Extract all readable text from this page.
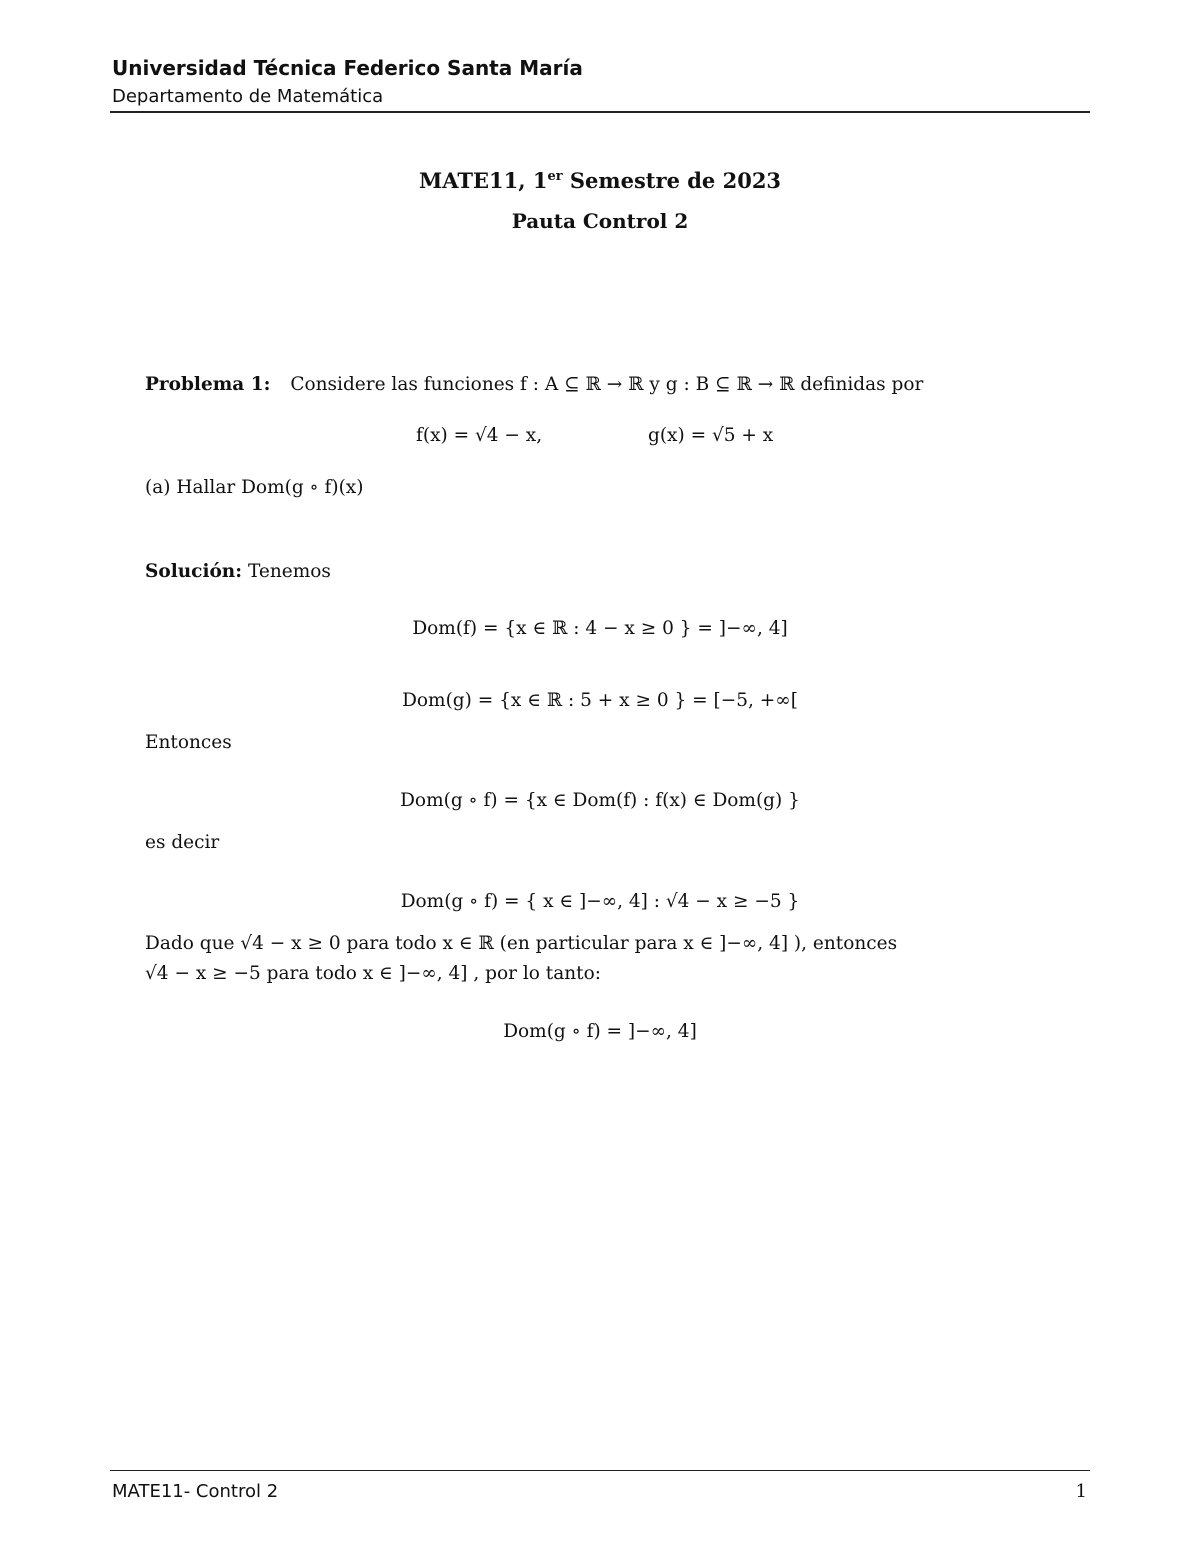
Universidad Técnica Federico Santa María
Departamento de Matemática
MATE11, 1er Semestre de 2023
Pauta Control 2
Problema 1: Considere las funciones f : A ⊆ ℝ → ℝ y g : B ⊆ ℝ → ℝ definidas por
f(x) = √4 − x,	g(x) = √5 + x
(a) Hallar Dom(g ∘ f)(x)
Solución: Tenemos
Dom(f) = {x ∈ ℝ : 4 − x ≥ 0 } = ]−∞, 4]
Dom(g) = {x ∈ ℝ : 5 + x ≥ 0 } = [−5, +∞[
Entonces
Dom(g ∘ f) = {x ∈ Dom(f) : f(x) ∈ Dom(g) }
es decir
Dom(g ∘ f) = { x ∈ ]−∞, 4] : √4 − x ≥ −5 }
Dado que √4 − x ≥ 0 para todo x ∈ ℝ (en particular para x ∈ ]−∞, 4] ), entonces
√4 − x ≥ −5 para todo x ∈ ]−∞, 4] , por lo tanto:
Dom(g ∘ f) = ]−∞, 4]
MATE11- Control 2	1
